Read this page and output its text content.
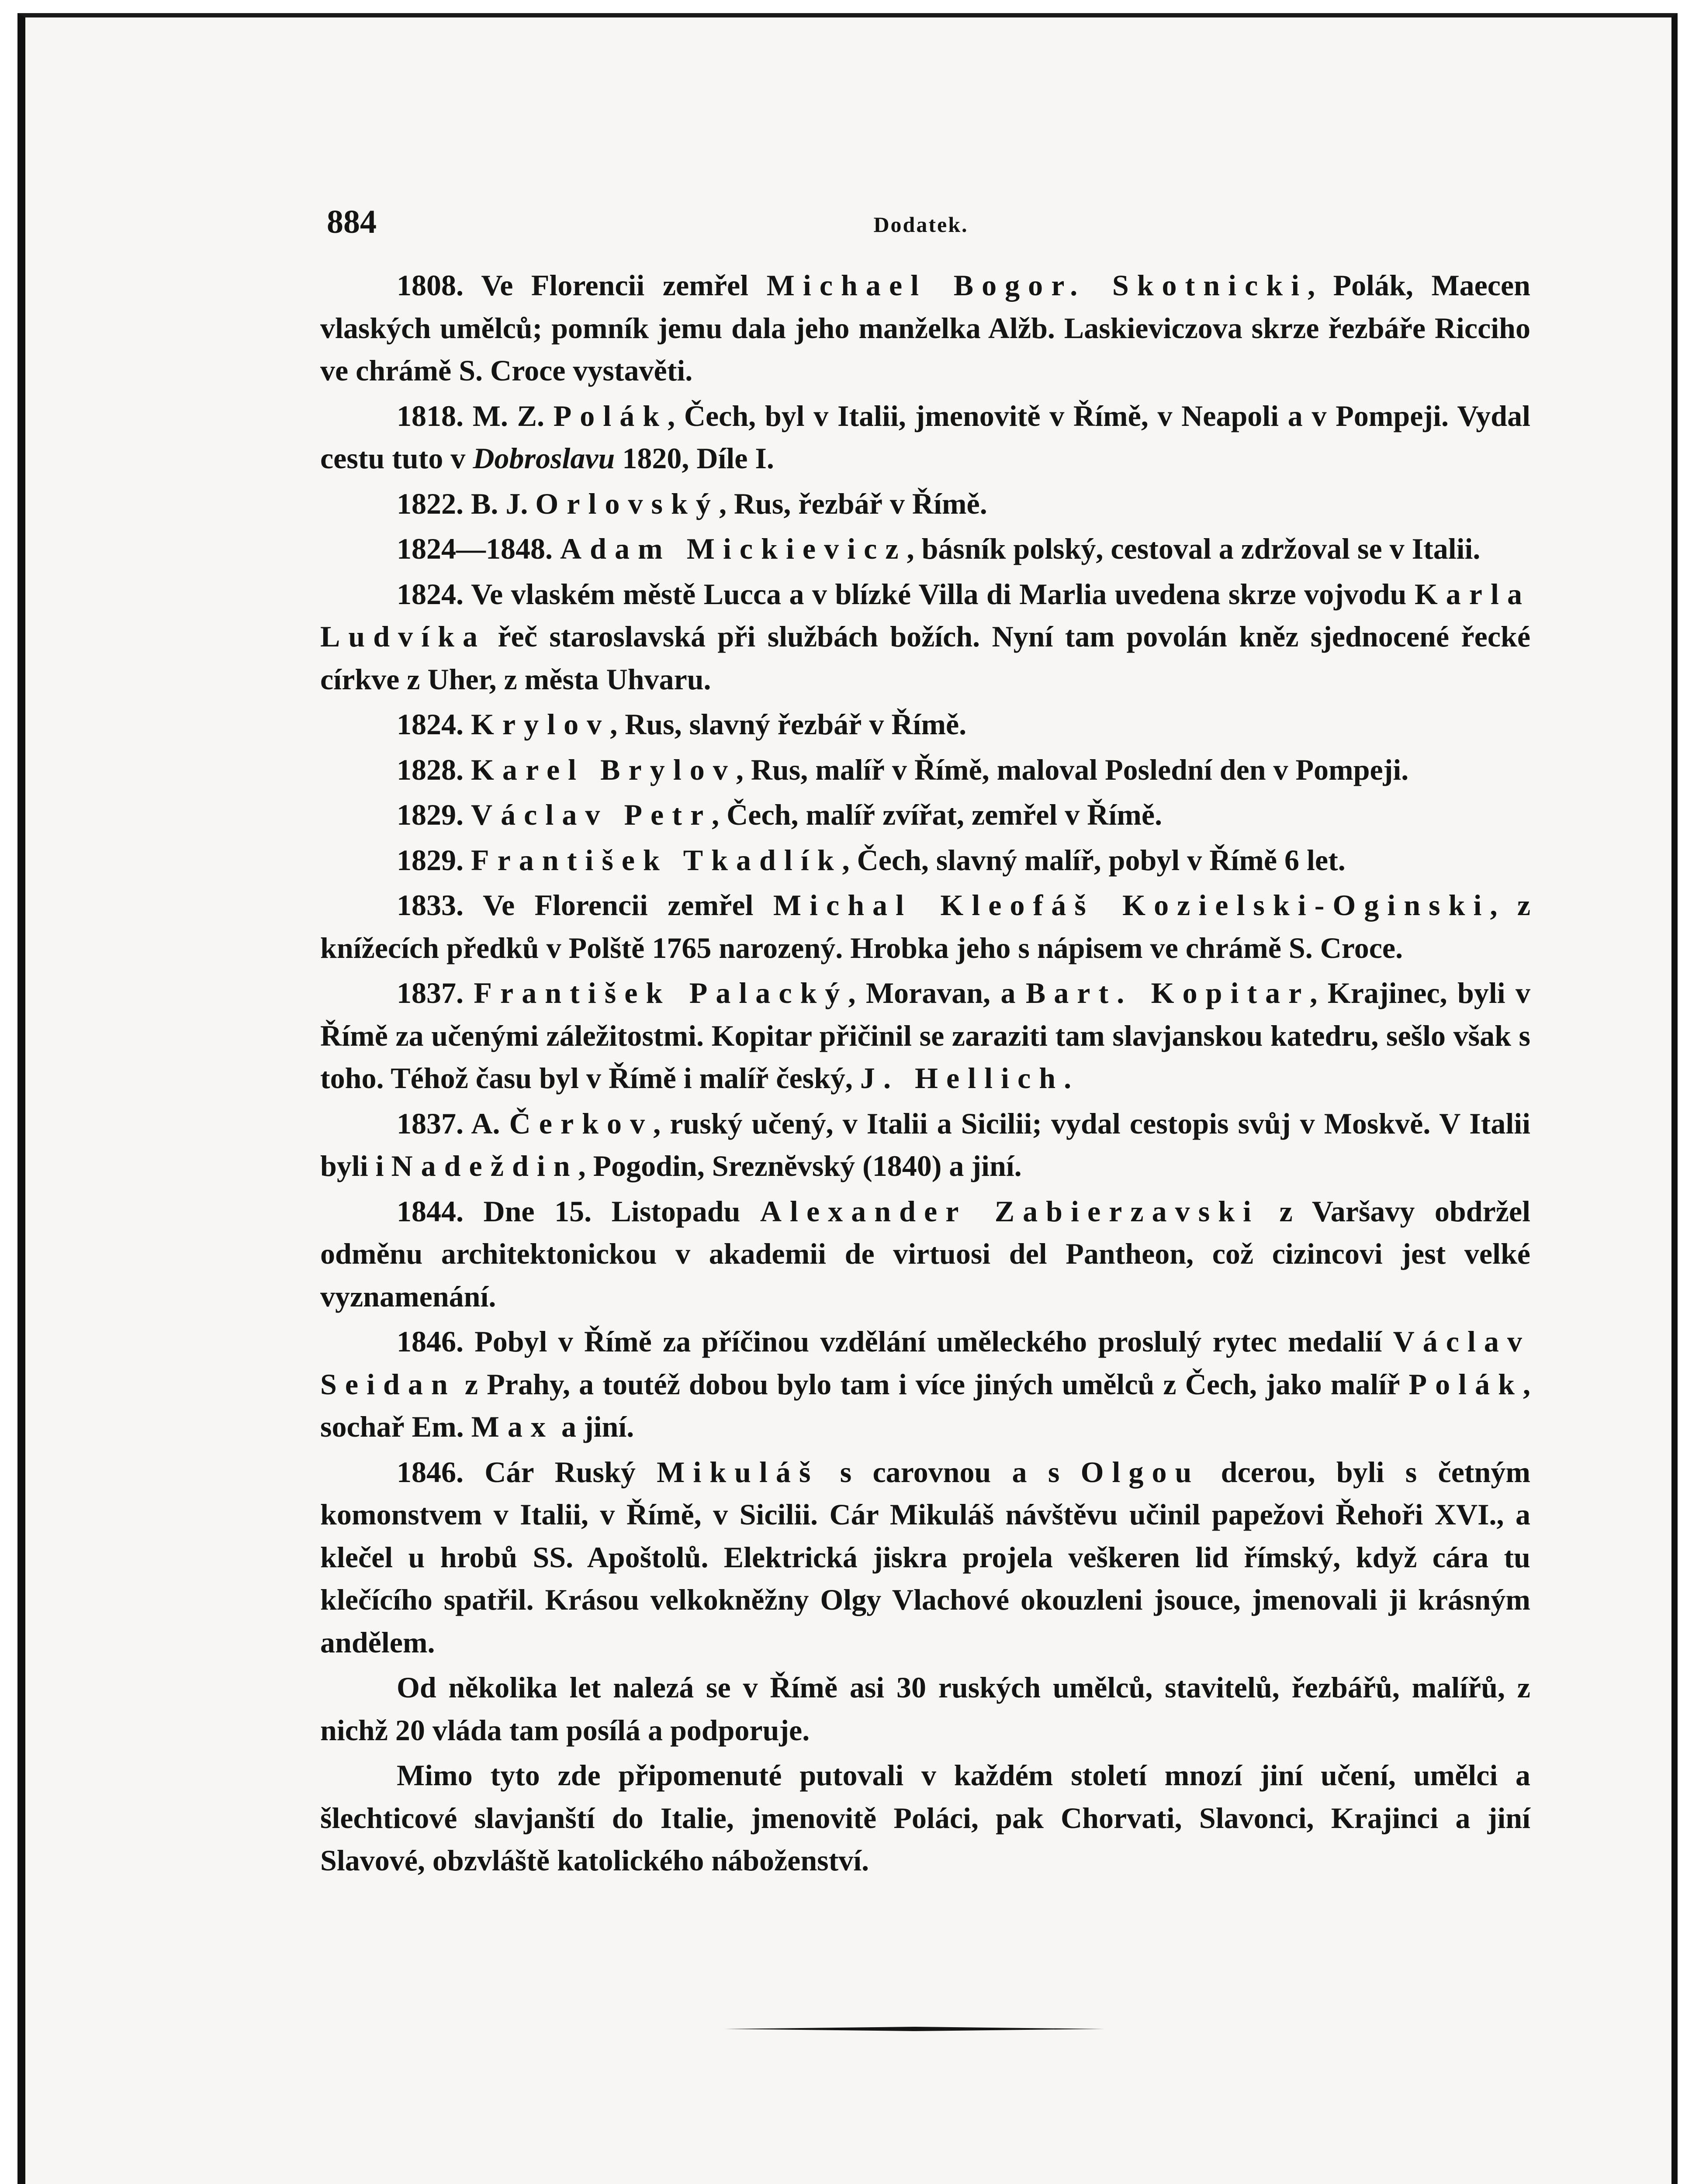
884	Dodatek.

1808. Ve Florencii zemřel Michael Bogor. Skotnicki, Polák, Maecen vlaských umělců; pomník jemu dala jeho manželka Alžb. Laskieviczova skrze řezbáře Ricciho ve chrámě S. Croce vystavěti.

1818. M. Z. Polák, Čech, byl v Italii, jmenovitě v Římě, v Neapoli a v Pompeji. Vydal cestu tuto v Dobroslavu 1820, Díle I.

1822. B. J. Orlovský, Rus, řezbář v Římě.

1824—1848. Adam Mickievicz, básník polský, cestoval a zdržoval se v Italii.

1824. Ve vlaském městě Lucca a v blízké Villa di Marlia uvedena skrze vojvodu Karla Ludvíka řeč staroslavská při službách božích. Nyní tam povolán kněz sjednocené řecké církve z Uher, z města Uhvaru.

1824. Krylov, Rus, slavný řezbář v Římě.

1828. Karel Brylov, Rus, malíř v Římě, maloval Poslední den v Pompeji.

1829. Václav Petr, Čech, malíř zvířat, zemřel v Římě.

1829. František Tkadlík, Čech, slavný malíř, pobyl v Římě 6 let.

1833. Ve Florencii zemřel Michal Kleofáš Kozielski-Oginski, z knížecích předků v Polště 1765 narozený. Hrobka jeho s nápisem ve chrámě S. Croce.

1837. František Palacký, Moravan, a Bart. Kopitar, Krajinec, byli v Římě za učenými záležitostmi. Kopitar přičinil se zaraziti tam slavjanskou katedru, sešlo však s toho. Téhož času byl v Římě i malíř český, J. Hellich.

1837. A. Čerkov, ruský učený, v Italii a Sicilii; vydal cestopis svůj v Moskvě. V Italii byli i Nadeždin, Pogodin, Sreznĕvský (1840) a jiní.

1844. Dne 15. Listopadu Alexander Zabierzavski z Varšavy obdržel odměnu architektonickou v akademii de virtuosi del Pantheon, což cizincovi jest velké vyznamenání.

1846. Pobyl v Římě za příčinou vzdělání uměleckého proslulý rytec medalií Václav Seidan z Prahy, a toutéž dobou bylo tam i více jiných umělců z Čech, jako malíř Polák, sochař Em. Max a jiní.

1846. Cár Ruský Mikuláš s carovnou a s Olgou dcerou, byli s četným komonstvem v Italii, v Římě, v Sicilii. Cár Mikuláš návštěvu učinil papežovi Řehoři XVI., a klečel u hrobů SS. Apoštolů. Elektrická jiskra projela veškeren lid římský, když cára tu klečícího spatřil. Krásou velkokněžny Olgy Vlachové okouzleni jsouce, jmenovali ji krásným andělem.

Od několika let nalezá se v Římě asi 30 ruských umělců, stavitelů, řezbářů, malířů, z nichž 20 vláda tam posílá a podporuje.

Mimo tyto zde připomenuté putovali v každém století mnozí jiní učení, umělci a šlechticové slavjanští do Italie, jmenovitě Poláci, pak Chorvati, Slavonci, Krajinci a jiní Slavové, obzvláště katolického náboženství.
